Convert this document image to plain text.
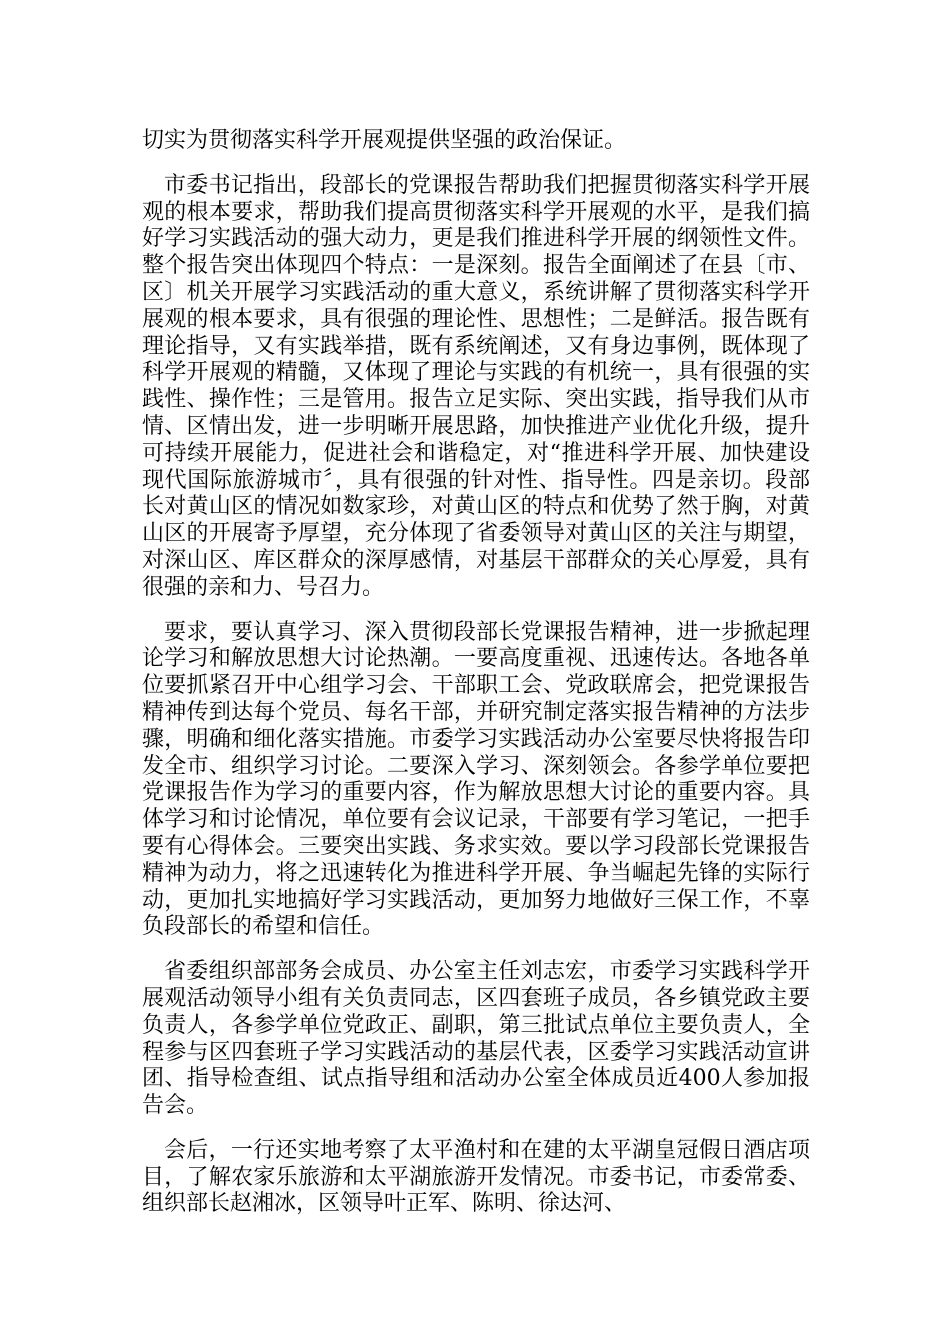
切实为贯彻落实科学开展观提供坚强的政治保证。

市委书记指出，段部长的党课报告帮助我们把握贯彻落实科学开展观的根本要求，帮助我们提高贯彻落实科学开展观的水平，是我们搞好学习实践活动的强大动力，更是我们推进科学开展的纲领性文件。整个报告突出体现四个特点：一是深刻。报告全面阐述了在县〔市、区〕机关开展学习实践活动的重大意义，系统讲解了贯彻落实科学开展观的根本要求，具有很强的理论性、思想性；二是鲜活。报告既有理论指导，又有实践举措，既有系统阐述，又有身边事例，既体现了科学开展观的精髓，又体现了理论与实践的有机统一，具有很强的实践性、操作性；三是管用。报告立足实际、突出实践，指导我们从市情、区情出发，进一步明晰开展思路，加快推进产业优化升级，提升可持续开展能力，促进社会和谐稳定，对“推进科学开展、加快建设现代国际旅游城市〞，具有很强的针对性、指导性。四是亲切。段部长对黄山区的情况如数家珍，对黄山区的特点和优势了然于胸，对黄山区的开展寄予厚望，充分体现了省委领导对黄山区的关注与期望，对深山区、库区群众的深厚感情，对基层干部群众的关心厚爱，具有很强的亲和力、号召力。

要求，要认真学习、深入贯彻段部长党课报告精神，进一步掀起理论学习和解放思想大讨论热潮。一要高度重视、迅速传达。各地各单位要抓紧召开中心组学习会、干部职工会、党政联席会，把党课报告精神传到达每个党员、每名干部，并研究制定落实报告精神的方法步骤，明确和细化落实措施。市委学习实践活动办公室要尽快将报告印发全市、组织学习讨论。二要深入学习、深刻领会。各参学单位要把党课报告作为学习的重要内容，作为解放思想大讨论的重要内容。具体学习和讨论情况，单位要有会议记录，干部要有学习笔记，一把手要有心得体会。三要突出实践、务求实效。要以学习段部长党课报告精神为动力，将之迅速转化为推进科学开展、争当崛起先锋的实际行动，更加扎实地搞好学习实践活动，更加努力地做好三保工作，不辜负段部长的希望和信任。

省委组织部部务会成员、办公室主任刘志宏，市委学习实践科学开展观活动领导小组有关负责同志，区四套班子成员，各乡镇党政主要负责人，各参学单位党政正、副职，第三批试点单位主要负责人，全程参与区四套班子学习实践活动的基层代表，区委学习实践活动宣讲团、指导检查组、试点指导组和活动办公室全体成员近400人参加报告会。

会后，一行还实地考察了太平渔村和在建的太平湖皇冠假日酒店项目，了解农家乐旅游和太平湖旅游开发情况。市委书记，市委常委、组织部长赵湘冰，区领导叶正军、陈明、徐达河、
